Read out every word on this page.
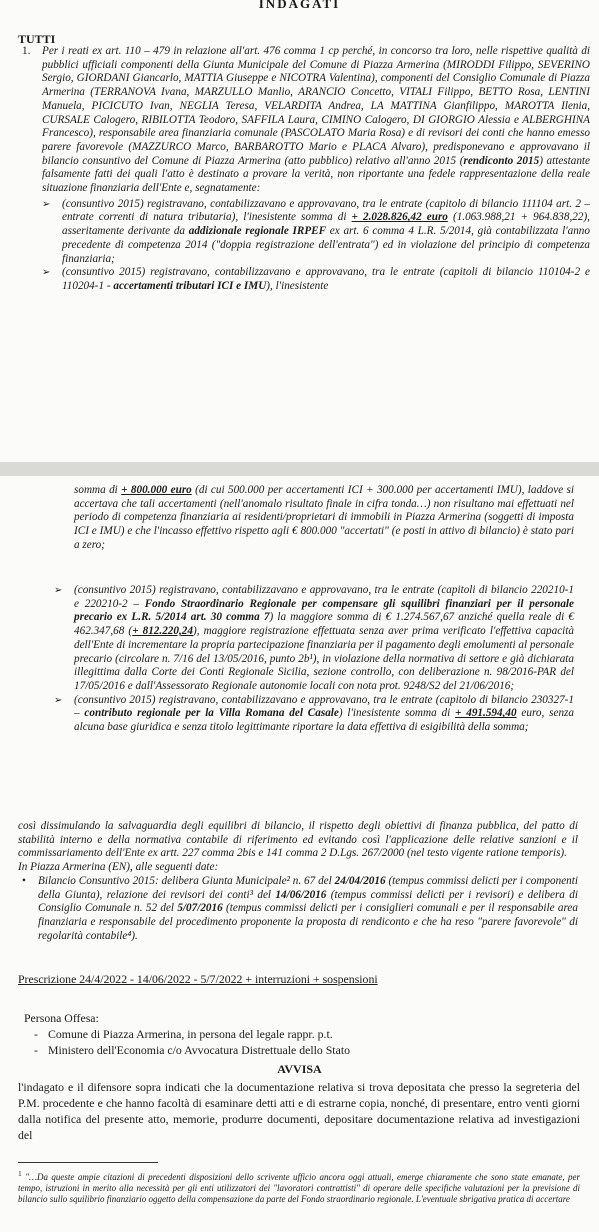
INDAGATI
TUTTI
1. Per i reati ex art. 110 – 479 in relazione all'art. 476 comma 1 cp perché, in concorso tra loro, nelle rispettive qualità di pubblici ufficiali componenti della Giunta Municipale del Comune di Piazza Armerina (MIRODDI Filippo, SEVERINO Sergio, GIORDANI Giancarlo, MATTIA Giuseppe e NICOTRA Valentina), componenti del Consiglio Comunale di Piazza Armerina (TERRANOVA Ivana, MARZULLO Manlio, ARANCIO Concetto, VITALI Filippo, BETTO Rosa, LENTINI Manuela, PICICUTO Ivan, NEGLIA Teresa, VELARDITA Andrea, LA MATTINA Gianfilippo, MAROTTA Ilenia, CURSALE Calogero, RIBILOTTA Teodoro, SAFFILA Laura, CIMINO Calogero, DI GIORGIO Alessia e ALBERGHINA Francesco), responsabile area finanziaria comunale (PASCOLATO Maria Rosa) e di revisori dei conti che hanno emesso parere favorevole (MAZZURCO Marco, BARBAROTTO Mario e PLACA Alvaro), predisponevano e approvavano il bilancio consuntivo del Comune di Piazza Armerina (atto pubblico) relativo all'anno 2015 (rendiconto 2015) attestante falsamente fatti dei quali l'atto è destinato a provare la verità, non riportante una fedele rappresentazione della reale situazione finanziaria dell'Ente e, segnatamente:
➢ (consuntivo 2015) registravano, contabilizzavano e approvavano, tra le entrate (capitolo di bilancio 111104 art. 2 – entrate correnti di natura tributaria), l'inesistente somma di + 2.028.826,42 euro (1.063.988,21 + 964.838,22), asseritamente derivante da addizionale regionale IRPEF ex art. 6 comma 4 L.R. 5/2014, già contabilizzata l'anno precedente di competenza 2014 ("doppia registrazione dell'entrata") ed in violazione del principio di competenza finanziaria;
➢ (consuntivo 2015) registravano, contabilizzavano e approvavano, tra le entrate (capitoli di bilancio 110104-2 e 110204-1 - accertamenti tributari ICI e IMU), l'inesistente
somma di + 800.000 euro (di cui 500.000 per accertamenti ICI + 300.000 per accertamenti IMU), laddove si accertava che tali accertamenti (nell'anomalo risultato finale in cifra tonda…) non risultano mai effettuati nel periodo di competenza finanziaria ai residenti/proprietari di immobili in Piazza Armerina (soggetti di imposta ICI e IMU) e che l'incasso effettivo rispetto agli € 800.000 "accertati" (e posti in attivo di bilancio) è stato pari a zero;
➢ (consuntivo 2015) registravano, contabilizzavano e approvavano, tra le entrate (capitoli di bilancio 220210-1 e 220210-2 – Fondo Straordinario Regionale per compensare gli squilibri finanziari per il personale precario ex L.R. 5/2014 art. 30 comma 7) la maggiore somma di € 1.274.567,67 anziché quella reale di € 462.347,68 (+ 812.220,24), maggiore registrazione effettuata senza aver prima verificato l'effettiva capacità dell'Ente di incrementare la propria partecipazione finanziaria per il pagamento degli emolumenti al personale precario (circolare n. 7/16 del 13/05/2016, punto 2b¹), in violazione della normativa di settore e già dichiarata illegittima dalla Corte dei Conti Regionale Sicilia, sezione controllo, con deliberazione n. 98/2016-PAR del 17/05/2016 e dall'Assessorato Regionale autonomie locali con nota prot. 9248/S2 del 21/06/2016;
➢ (consuntivo 2015) registravano, contabilizzavano e approvavano, tra le entrate (capitolo di bilancio 230327-1 – contributo regionale per la Villa Romana del Casale) l'inesistente somma di + 491.594,40 euro, senza alcuna base giuridica e senza titolo legittimante riportare la data effettiva di esigibilità della somma;
così dissimulando la salvaguardia degli equilibri di bilancio, il rispetto degli obiettivi di finanza pubblica, del patto di stabilità interno e della normativa contabile di riferimento ed evitando così l'applicazione delle relative sanzioni e il commissariamento dell'Ente ex artt. 227 comma 2bis e 141 comma 2 D.Lgs. 267/2000 (nel testo vigente ratione temporis).
In Piazza Armerina (EN), alle seguenti date:
• Bilancio Consuntivo 2015: delibera Giunta Municipale² n. 67 del 24/04/2016 (tempus commissi delicti per i componenti della Giunta), relazione dei revisori dei conti³ del 14/06/2016 (tempus commissi delicti per i revisori) e delibera di Consiglio Comunale n. 52 del 5/07/2016 (tempus commissi delicti per i consiglieri comunali e per il responsabile area finanziaria e responsabile del procedimento proponente la proposta di rendiconto e che ha reso "parere favorevole" di regolarità contabile⁴).
Prescrizione 24/4/2022 - 14/06/2022 - 5/7/2022 + interruzioni + sospensioni
Persona Offesa:
- Comune di Piazza Armerina, in persona del legale rappr. p.t.
- Ministero dell'Economia c/o Avvocatura Distrettuale dello Stato
AVVISA
l'indagato e il difensore sopra indicati che la documentazione relativa si trova depositata che presso la segreteria del P.M. procedente e che hanno facoltà di esaminare detti atti e di estrarne copia, nonché, di presentare, entro venti giorni dalla notifica del presente atto, memorie, produrre documenti, depositare documentazione relativa ad investigazioni del
$^1$ "…Da queste ampie citazioni di precedenti disposizioni dello scrivente ufficio ancora oggi attuali, emerge chiaramente che sono state emanate, per tempo, istruzioni in merito alla necessità per gli enti utilizzatori dei "lavoratori contrattisti" di operare delle specifiche valutazioni per la previsione di bilancio sullo squilibrio finanziario oggetto della compensazione da parte del Fondo straordinario regionale. L'eventuale sbrigativa pratica di accertare
